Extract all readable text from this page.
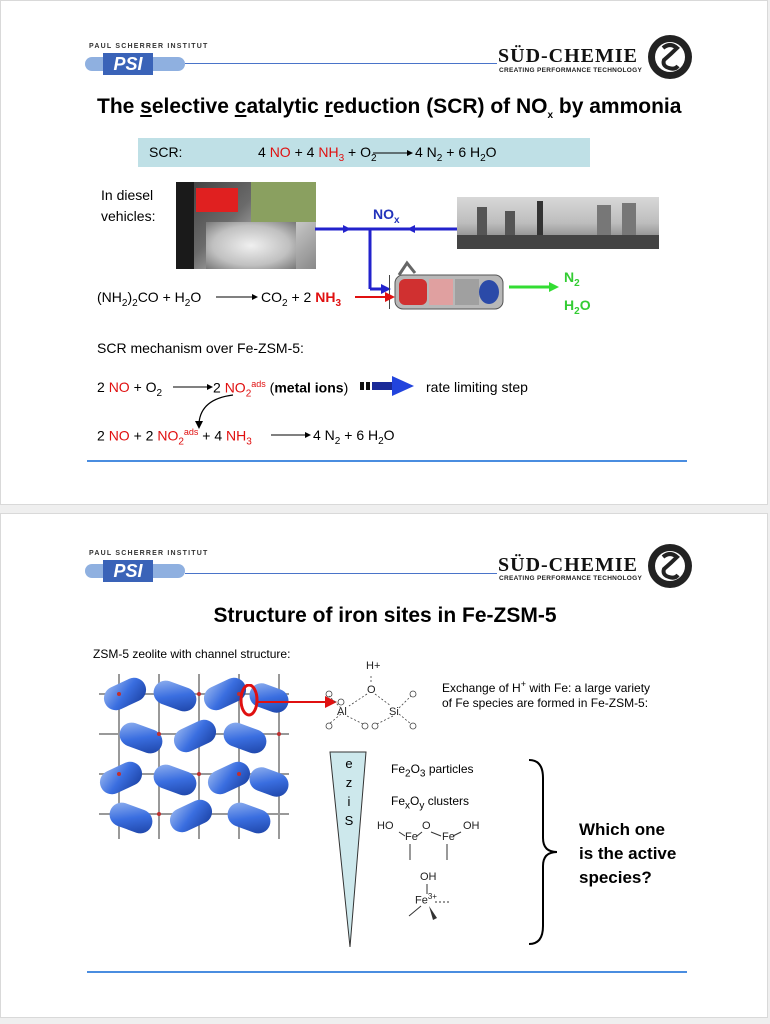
PAUL SCHERRER INSTITUT
PSI	SÜD-CHEMIE
CREATING PERFORMANCE TECHNOLOGY
The selective catalytic reduction (SCR) of $NO_x$ by ammonia
SCR:	4 NO + 4 $NH_3 + O_2$	4 $N_2 + 6$ $H_2O$
In diesel
vehicles:	$NO_x$
$N_2$
$H_2O$
$(NH_2)_2CO + H_2O$	$CO_2 + 2$ $NH_3$
SCR mechanism over Fe-ZSM-5:
2 NO + $O_2$	2 $NO_2^{ads}$ (metal ions)	rate limiting step
2 NO + 2 $NO_2^{ads} + 4$ $NH_3$	4 $N_2 + 6$ $H_2O$
PAUL SCHERRER INSTITUT
PSI	SÜD-CHEMIE
CREATING PERFORMANCE TECHNOLOGY
Structure of iron sites in Fe-ZSM-5
ZSM-5 zeolite with channel structure:
H+
O
Al	Si
Exchange of H+ with Fe: a large variety
of Fe species are formed in Fe-ZSM-5:
e
z
i
S
$Fe_2O_3$ particles
$Fe_xO_y$ clusters
HO	O	OH
Fe Fe
OH
$Fe^{3+}$
Which one
is the active
species?
